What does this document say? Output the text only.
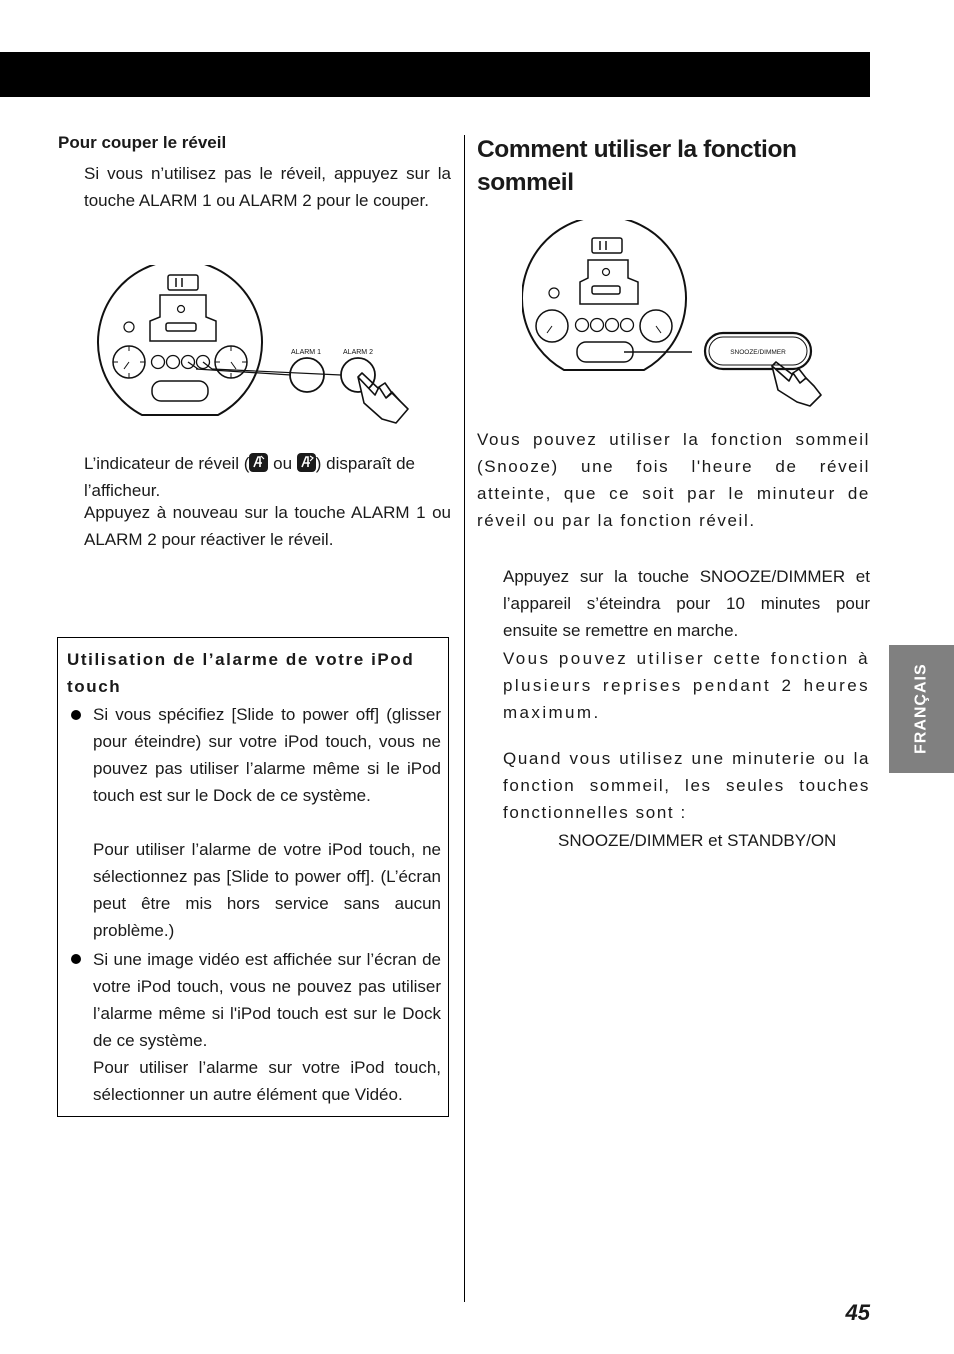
Pour couper le réveil

Si vous n’utilisez pas le réveil, appuyez sur la touche ALARM 1 ou ALARM 2 pour le couper.

ALARM 1	ALARM 2

L’indicateur de réveil ( ou ) disparaît de l’afficheur.

Appuyez à nouveau sur la touche ALARM 1 ou ALARM 2 pour réactiver le réveil.

Utilisation de l’alarme de votre iPod touch

Si vous spécifiez [Slide to power off] (glisser pour éteindre) sur votre iPod touch, vous ne pouvez pas utiliser l’alarme même si le iPod touch est sur le Dock de ce système.

Pour utiliser l’alarme de votre iPod touch, ne sélectionnez pas [Slide to power off]. (L’écran peut être mis hors service sans aucun problème.)

Si une image vidéo est affichée sur l’écran de votre iPod touch, vous ne pouvez pas utiliser l’alarme même si l'iPod touch est sur le Dock de ce système.

Pour utiliser l’alarme sur votre iPod touch, sélectionner un autre élément que Vidéo.

Comment utiliser la fonction sommeil
SNOOZE/DIMMER

Vous pouvez utiliser la fonction sommeil (Snooze) une fois l'heure de réveil atteinte, que ce soit par le minuteur de réveil ou par la fonction réveil.

Appuyez sur la touche SNOOZE/DIMMER et l’appareil s’éteindra pour 10 minutes pour ensuite se remettre en marche.

Vous pouvez utiliser cette fonction à plusieurs reprises pendant 2 heures maximum.

Quand vous utilisez une minuterie ou la fonction sommeil, les seules touches fonctionnelles sont :

SNOOZE/DIMMER et STANDBY/ON

FRANÇAIS
45
